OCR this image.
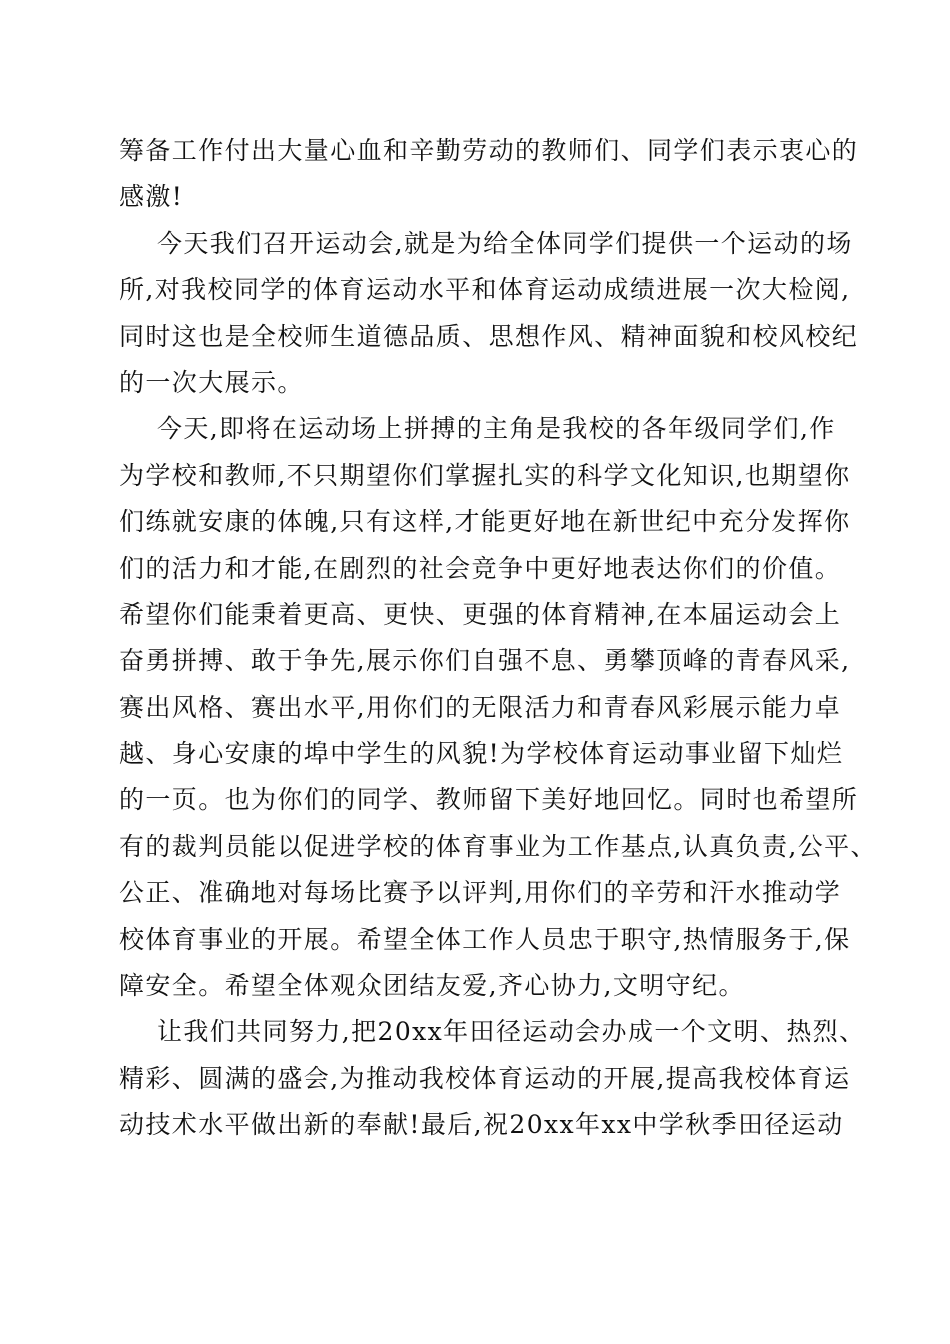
筹备工作付出大量心血和辛勤劳动的教师们、同学们表示衷心的
感激!
今天我们召开运动会,就是为给全体同学们提供一个运动的场
所,对我校同学的体育运动水平和体育运动成绩进展一次大检阅,
同时这也是全校师生道德品质、思想作风、精神面貌和校风校纪
的一次大展示。
今天,即将在运动场上拼搏的主角是我校的各年级同学们,作
为学校和教师,不只期望你们掌握扎实的科学文化知识,也期望你
们练就安康的体魄,只有这样,才能更好地在新世纪中充分发挥你
们的活力和才能,在剧烈的社会竞争中更好地表达你们的价值。
希望你们能秉着更高、更快、更强的体育精神,在本届运动会上
奋勇拼搏、敢于争先,展示你们自强不息、勇攀顶峰的青春风采,
赛出风格、赛出水平,用你们的无限活力和青春风彩展示能力卓
越、身心安康的埠中学生的风貌!为学校体育运动事业留下灿烂
的一页。也为你们的同学、教师留下美好地回忆。同时也希望所
有的裁判员能以促进学校的体育事业为工作基点,认真负责,公平、
公正、准确地对每场比赛予以评判,用你们的辛劳和汗水推动学
校体育事业的开展。希望全体工作人员忠于职守,热情服务于,保
障安全。希望全体观众团结友爱,齐心协力,文明守纪。
让我们共同努力,把20xx年田径运动会办成一个文明、热烈、
精彩、圆满的盛会,为推动我校体育运动的开展,提高我校体育运
动技术水平做出新的奉献!最后,祝20xx年xx中学秋季田径运动
